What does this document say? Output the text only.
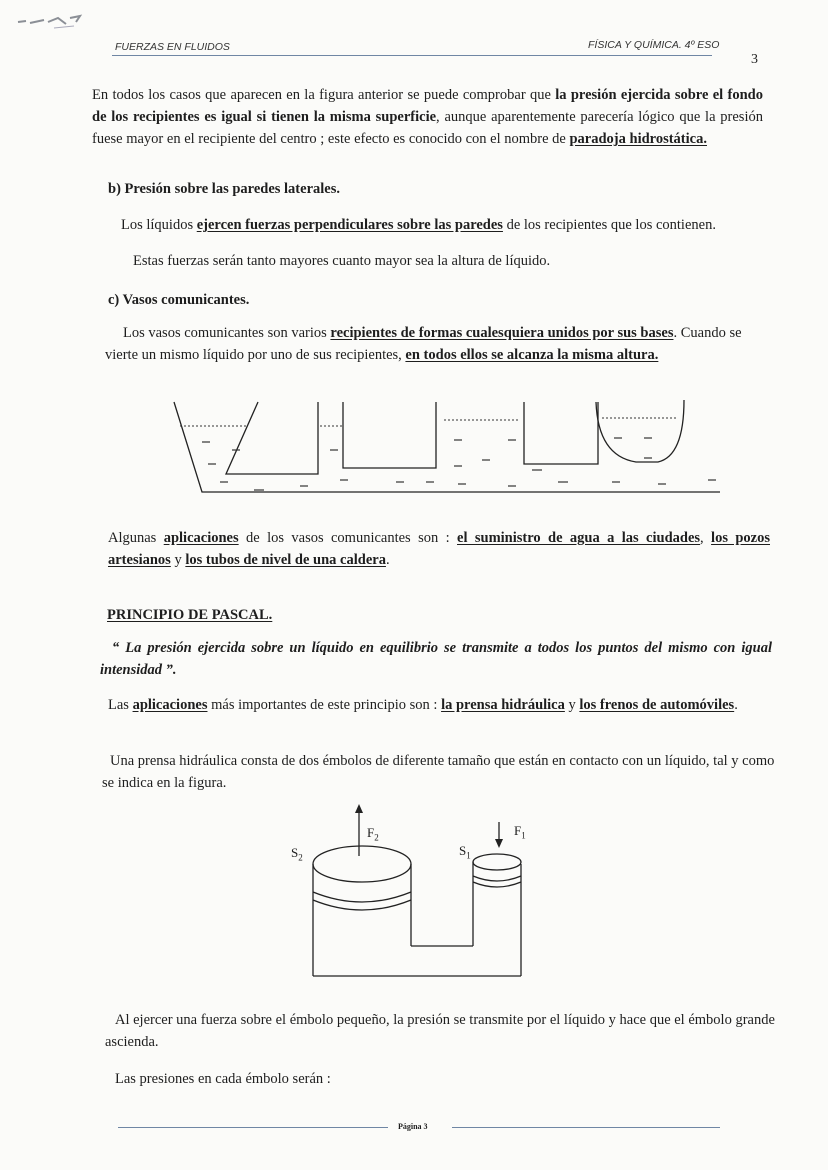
FUERZAS EN FLUIDOS	FÍSICA Y QUÍMICA. 4º ESO
3
En todos los casos que aparecen en la figura anterior se puede comprobar que la presión ejercida sobre el fondo de los recipientes es igual si tienen la misma superficie, aunque aparentemente parecería lógico que la presión fuese mayor en el recipiente del centro ; este efecto es conocido con el nombre de paradoja hidrostática.
b) Presión sobre las paredes laterales.
Los líquidos ejercen fuerzas perpendiculares sobre las paredes de los recipientes que los contienen.
Estas fuerzas serán tanto mayores cuanto mayor sea la altura de líquido.
c) Vasos comunicantes.
Los vasos comunicantes son varios recipientes de formas cualesquiera unidos por sus bases. Cuando se vierte un mismo líquido por uno de sus recipientes, en todos ellos se alcanza la misma altura.
Algunas aplicaciones de los vasos comunicantes son : el suministro de agua a las ciudades, los pozos artesianos y los tubos de nivel de una caldera.
PRINCIPIO DE PASCAL.
“ La presión ejercida sobre un líquido en equilibrio se transmite a todos los puntos del mismo con igual intensidad ”.
Las aplicaciones más importantes de este principio son : la prensa hidráulica y los frenos de automóviles.
Una prensa hidráulica consta de dos émbolos de diferente tamaño que están en contacto con un líquido, tal y como se indica en la figura.
$F_2$
$S_2$	$S_1$
$F_1$
Al ejercer una fuerza sobre el émbolo pequeño, la presión se transmite por el líquido y hace que el émbolo grande ascienda.
Las presiones en cada émbolo serán :
Página 3
